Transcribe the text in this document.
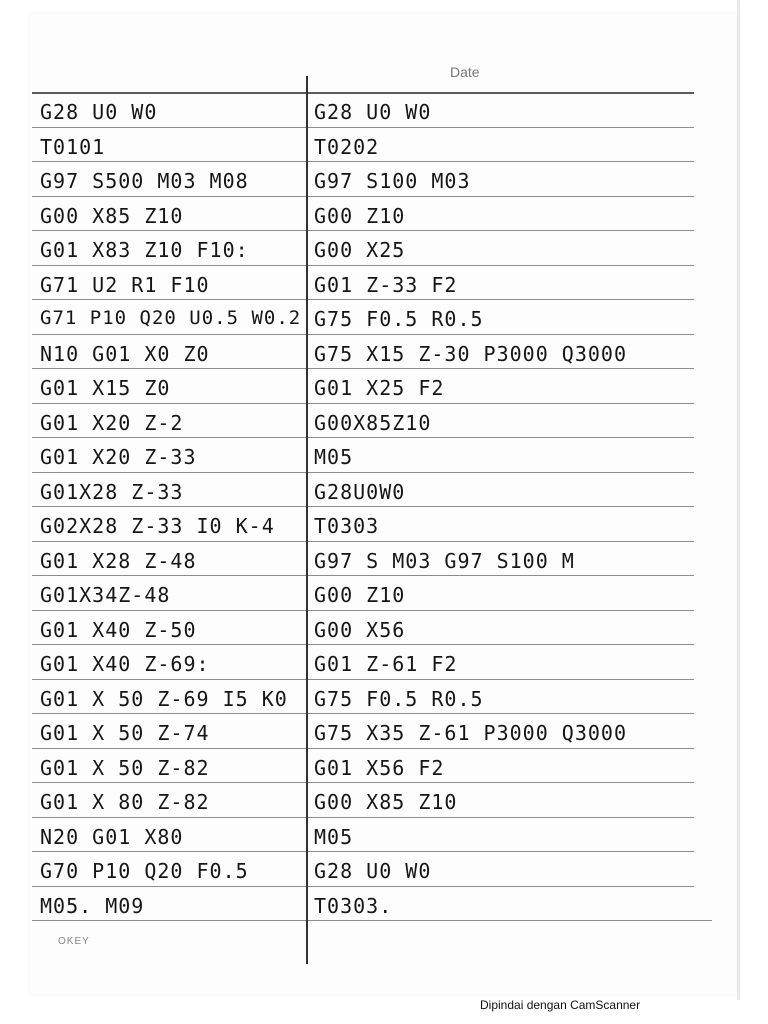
Date
G28 U0 W0
T0101
G97 S500 M03 M08
G00 X85 Z10
G01 X83 Z10 F10:
G71 U2 R1 F10
G71 P10 Q20 U0.5 W0.2
N10 G01 X0 Z0
G01 X15 Z0
G01 X20 Z-2
G01 X20 Z-33
G01X28 Z-33
G02X28 Z-33 I0 K-4
G01 X28 Z-48
G01X34Z-48
G01 X40 Z-50
G01 X40 Z-69:
G01 X 50 Z-69 I5 K0
G01 X 50 Z-74
G01 X 50 Z-82
G01 X 80 Z-82
N20 G01 X80
G70 P10 Q20 F0.5
M05. M09
G28 U0 W0
T0202
G97 S100 M03
G00 Z10
G00 X25
G01 Z-33 F2
G75 F0.5 R0.5
G75 X15 Z-30 P3000 Q3000
G01 X25 F2
G00X85Z10
M05
G28U0W0
T0303
G97 S M03 G97 S100 M
G00 Z10
G00 X56
G01 Z-61 F2
G75 F0.5 R0.5
G75 X35 Z-61 P3000 Q3000
G01 X56 F2
G00 X85 Z10
M05
G28 U0 W0
T0303.
OKEY
Dipindai dengan CamScanner
